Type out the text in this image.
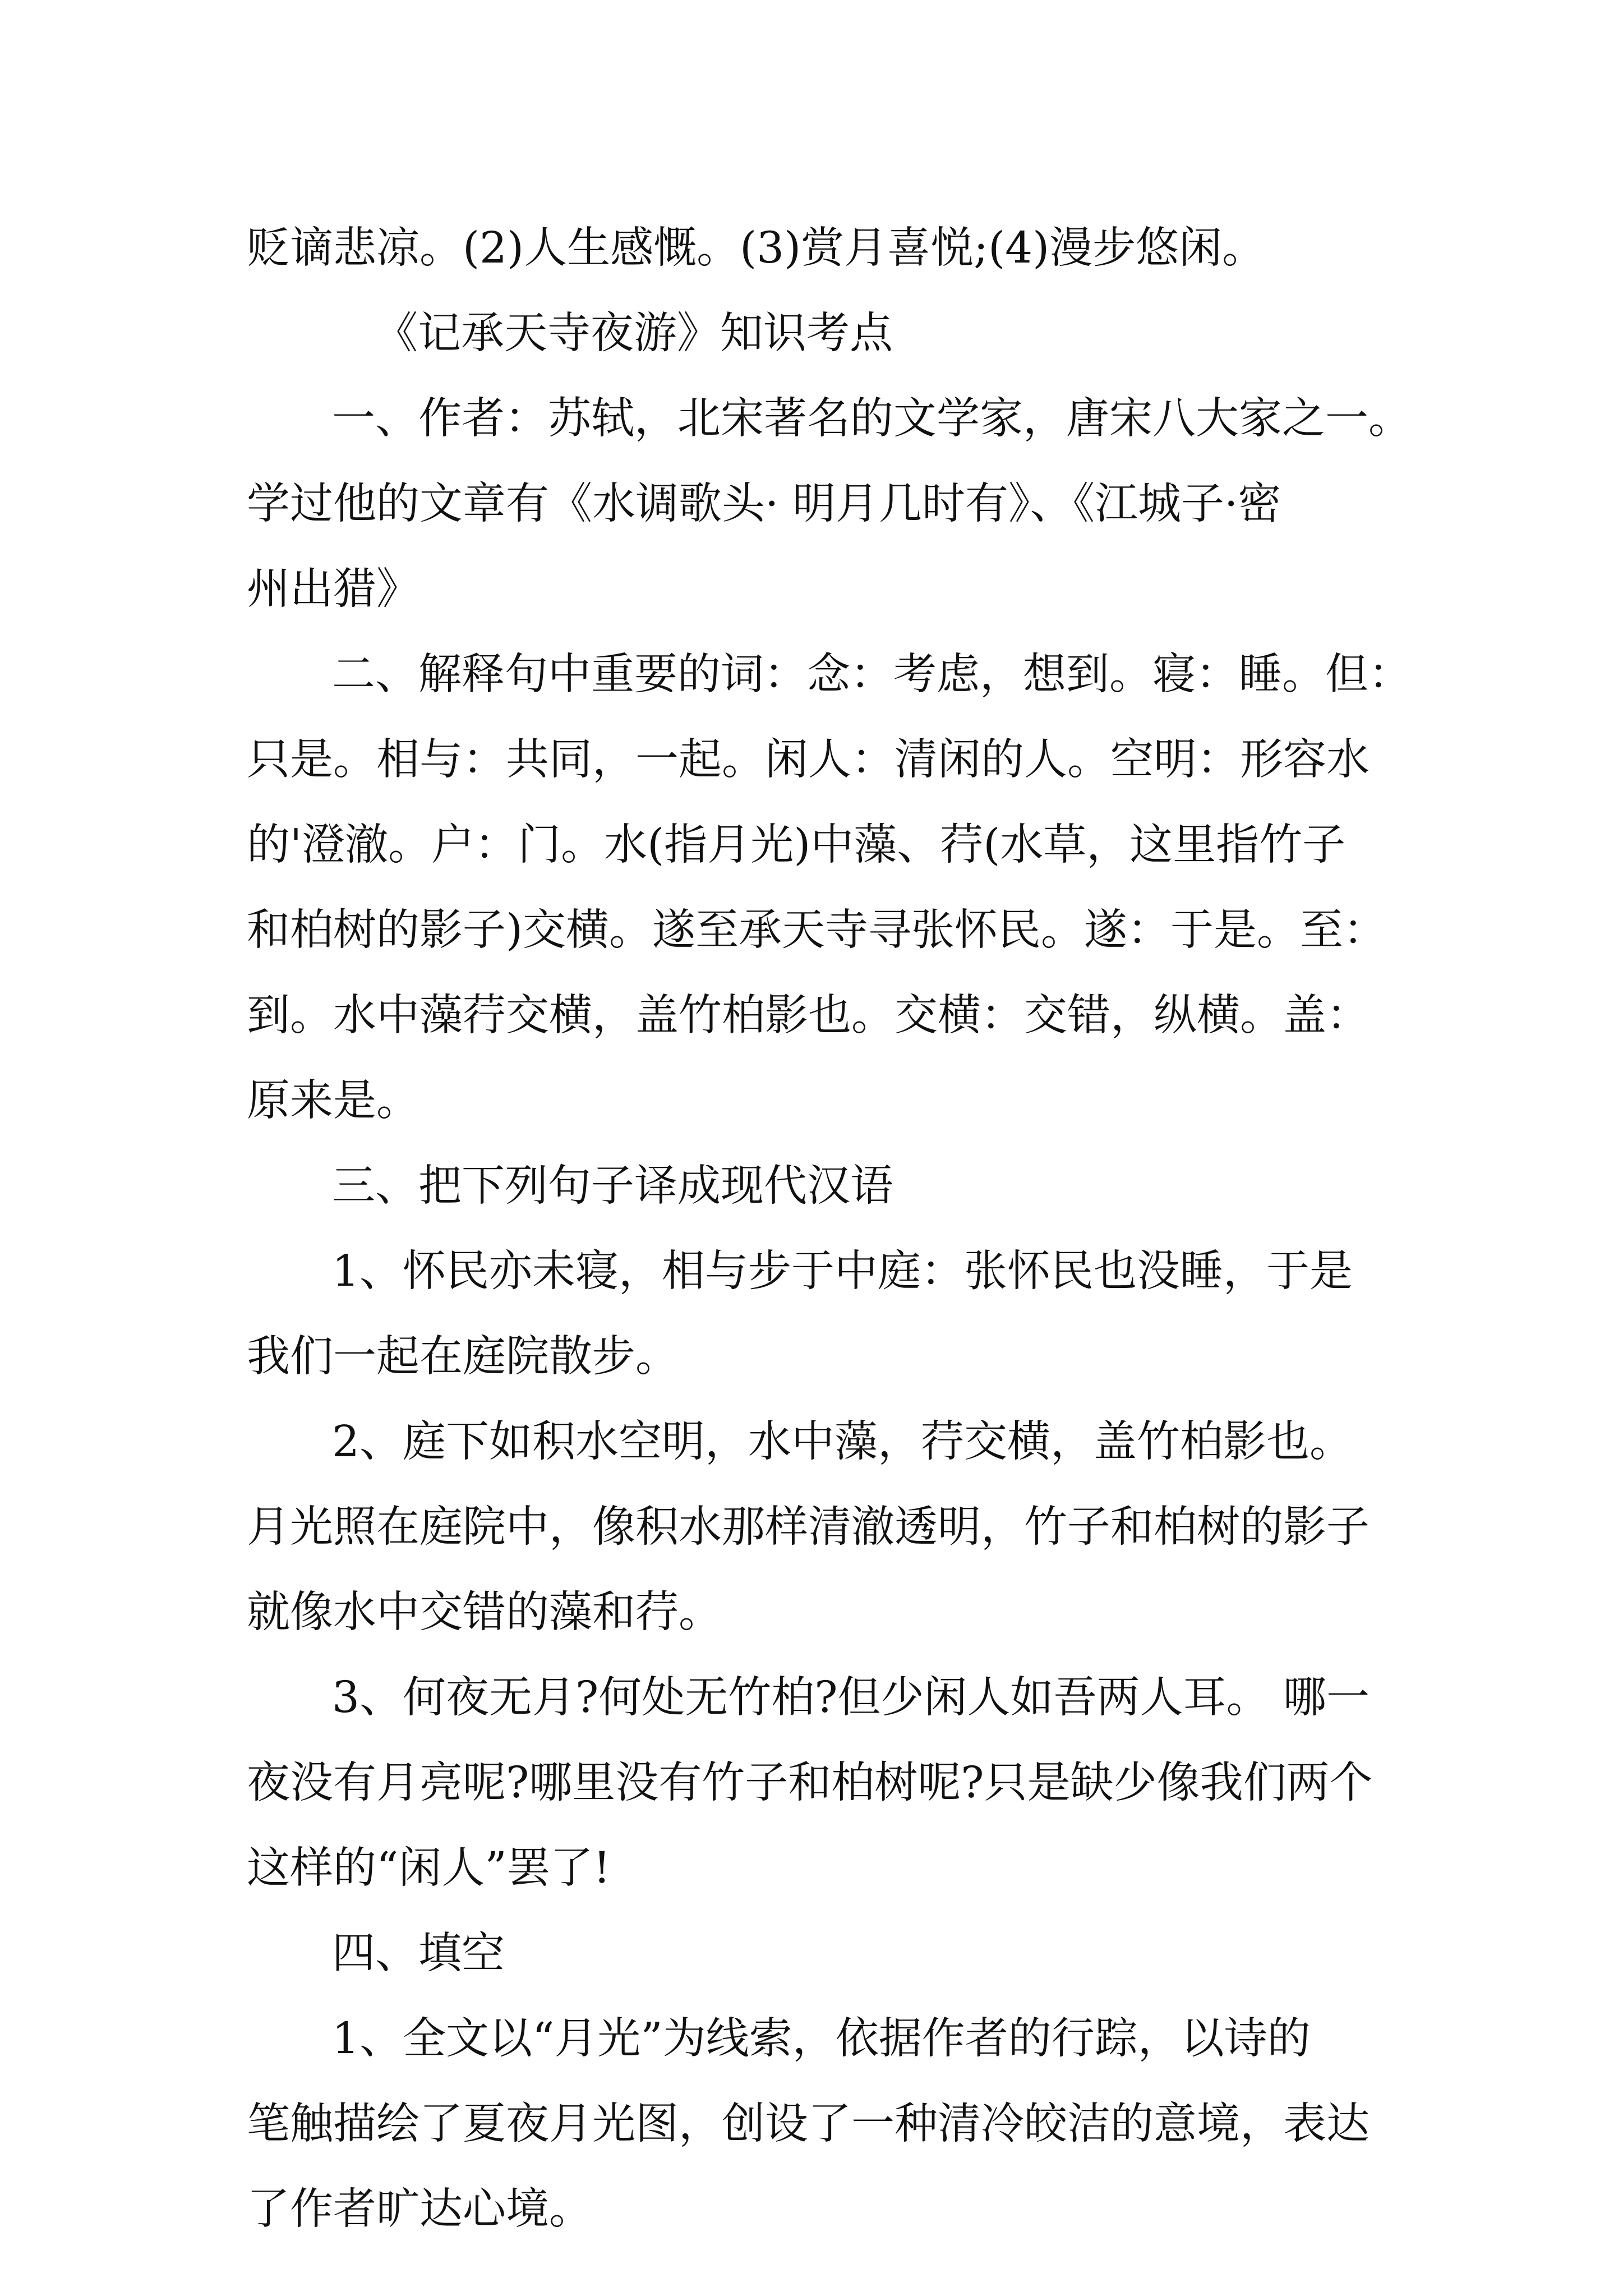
贬谪悲凉。(2)人生感慨。(3)赏月喜悦;(4)漫步悠闲。
《记承天寺夜游》知识考点
一、作者：苏轼，北宋著名的文学家，唐宋八大家之一。
学过他的文章有《水调歌头· 明月几时有》、《江城子·密
州出猎》
二、解释句中重要的词：念：考虑，想到。寝：睡。但：
只是。相与：共同，一起。闲人：清闲的人。空明：形容水
的'澄澈。户：门。水(指月光)中藻、荇(水草，这里指竹子
和柏树的影子)交横。遂至承天寺寻张怀民。遂：于是。至：
到。水中藻荇交横，盖竹柏影也。交横：交错，纵横。盖：
原来是。
三、把下列句子译成现代汉语
1、怀民亦未寝，相与步于中庭：张怀民也没睡，于是
我们一起在庭院散步。
2、庭下如积水空明，水中藻，荇交横，盖竹柏影也。
月光照在庭院中，像积水那样清澈透明，竹子和柏树的影子
就像水中交错的藻和荇。
3、何夜无月?何处无竹柏?但少闲人如吾两人耳。 哪一
夜没有月亮呢?哪里没有竹子和柏树呢?只是缺少像我们两个
这样的“闲人”罢了!
四、填空
1、全文以“月光”为线索，依据作者的行踪，以诗的
笔触描绘了夏夜月光图，创设了一种清冷皎洁的意境，表达
了作者旷达心境。
